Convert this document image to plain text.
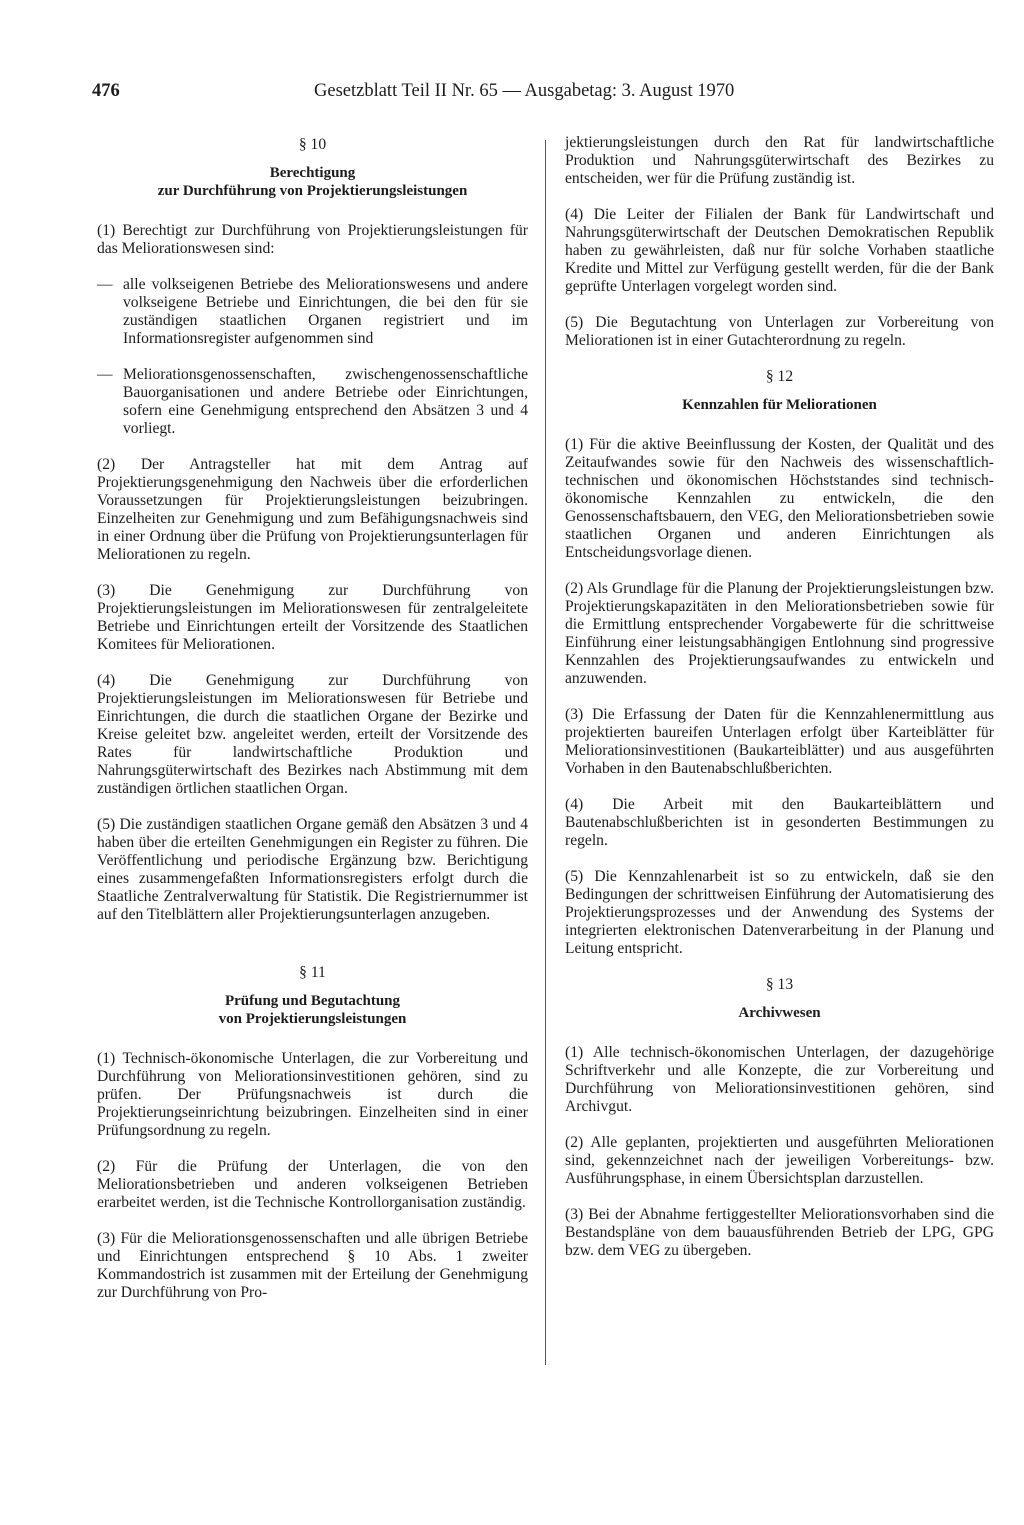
476	Gesetzblatt Teil II Nr. 65 — Ausgabetag: 3. August 1970
§ 10
Berechtigung
zur Durchführung von Projektierungsleistungen

(1) Berechtigt zur Durchführung von Projektierungsleistungen für das Meliorationswesen sind:

— alle volkseigenen Betriebe des Meliorationswesens und andere volkseigene Betriebe und Einrichtungen, die bei den für sie zuständigen staatlichen Organen registriert und im Informationsregister aufgenommen sind
— Meliorationsgenossenschaften, zwischengenossenschaftliche Bauorganisationen und andere Betriebe oder Einrichtungen, sofern eine Genehmigung entsprechend den Absätzen 3 und 4 vorliegt.

(2) Der Antragsteller hat mit dem Antrag auf Projektierungsgenehmigung den Nachweis über die erforderlichen Voraussetzungen für Projektierungsleistungen beizubringen. Einzelheiten zur Genehmigung und zum Befähigungsnachweis sind in einer Ordnung über die Prüfung von Projektierungsunterlagen für Meliorationen zu regeln.

(3) Die Genehmigung zur Durchführung von Projektierungsleistungen im Meliorationswesen für zentralgeleitete Betriebe und Einrichtungen erteilt der Vorsitzende des Staatlichen Komitees für Meliorationen.

(4) Die Genehmigung zur Durchführung von Projektierungsleistungen im Meliorationswesen für Betriebe und Einrichtungen, die durch die staatlichen Organe der Bezirke und Kreise geleitet bzw. angeleitet werden, erteilt der Vorsitzende des Rates für landwirtschaftliche Produktion und Nahrungsgüterwirtschaft des Bezirkes nach Abstimmung mit dem zuständigen örtlichen staatlichen Organ.

(5) Die zuständigen staatlichen Organe gemäß den Absätzen 3 und 4 haben über die erteilten Genehmigungen ein Register zu führen. Die Veröffentlichung und periodische Ergänzung bzw. Berichtigung eines zusammengefaßten Informationsregisters erfolgt durch die Staatliche Zentralverwaltung für Statistik. Die Registriernummer ist auf den Titelblättern aller Projektierungsunterlagen anzugeben.

§ 11
Prüfung und Begutachtung
von Projektierungsleistungen

(1) Technisch-ökonomische Unterlagen, die zur Vorbereitung und Durchführung von Meliorationsinvestitionen gehören, sind zu prüfen. Der Prüfungsnachweis ist durch die Projektierungseinrichtung beizubringen. Einzelheiten sind in einer Prüfungsordnung zu regeln.

(2) Für die Prüfung der Unterlagen, die von den Meliorationsbetrieben und anderen volkseigenen Betrieben erarbeitet werden, ist die Technische Kontrollorganisation zuständig.

(3) Für die Meliorationsgenossenschaften und alle übrigen Betriebe und Einrichtungen entsprechend § 10 Abs. 1 zweiter Kommandostrich ist zusammen mit der Erteilung der Genehmigung zur Durchführung von Pro-

jektierungsleistungen durch den Rat für landwirtschaftliche Produktion und Nahrungsgüterwirtschaft des Bezirkes zu entscheiden, wer für die Prüfung zuständig ist.

(4) Die Leiter der Filialen der Bank für Landwirtschaft und Nahrungsgüterwirtschaft der Deutschen Demokratischen Republik haben zu gewährleisten, daß nur für solche Vorhaben staatliche Kredite und Mittel zur Verfügung gestellt werden, für die der Bank geprüfte Unterlagen vorgelegt worden sind.

(5) Die Begutachtung von Unterlagen zur Vorbereitung von Meliorationen ist in einer Gutachterordnung zu regeln.

§ 12
Kennzahlen für Meliorationen

(1) Für die aktive Beeinflussung der Kosten, der Qualität und des Zeitaufwandes sowie für den Nachweis des wissenschaftlich-technischen und ökonomischen Höchststandes sind technisch-ökonomische Kennzahlen zu entwickeln, die den Genossenschaftsbauern, den VEG, den Meliorationsbetrieben sowie staatlichen Organen und anderen Einrichtungen als Entscheidungsvorlage dienen.

(2) Als Grundlage für die Planung der Projektierungsleistungen bzw. Projektierungskapazitäten in den Meliorationsbetrieben sowie für die Ermittlung entsprechender Vorgabewerte für die schrittweise Einführung einer leistungsabhängigen Entlohnung sind progressive Kennzahlen des Projektierungsaufwandes zu entwickeln und anzuwenden.

(3) Die Erfassung der Daten für die Kennzahlenermittlung aus projektierten baureifen Unterlagen erfolgt über Karteiblätter für Meliorationsinvestitionen (Baukarteiblätter) und aus ausgeführten Vorhaben in den Bautenabschlußberichten.

(4) Die Arbeit mit den Baukarteiblättern und Bautenabschlußberichten ist in gesonderten Bestimmungen zu regeln.

(5) Die Kennzahlenarbeit ist so zu entwickeln, daß sie den Bedingungen der schrittweisen Einführung der Automatisierung des Projektierungsprozesses und der Anwendung des Systems der integrierten elektronischen Datenverarbeitung in der Planung und Leitung entspricht.

§ 13
Archivwesen

(1) Alle technisch-ökonomischen Unterlagen, der dazugehörige Schriftverkehr und alle Konzepte, die zur Vorbereitung und Durchführung von Meliorationsinvestitionen gehören, sind Archivgut.

(2) Alle geplanten, projektierten und ausgeführten Meliorationen sind, gekennzeichnet nach der jeweiligen Vorbereitungs- bzw. Ausführungsphase, in einem Übersichtsplan darzustellen.

(3) Bei der Abnahme fertiggestellter Meliorationsvorhaben sind die Bestandspläne von dem bauausführenden Betrieb der LPG, GPG bzw. dem VEG zu übergeben.
